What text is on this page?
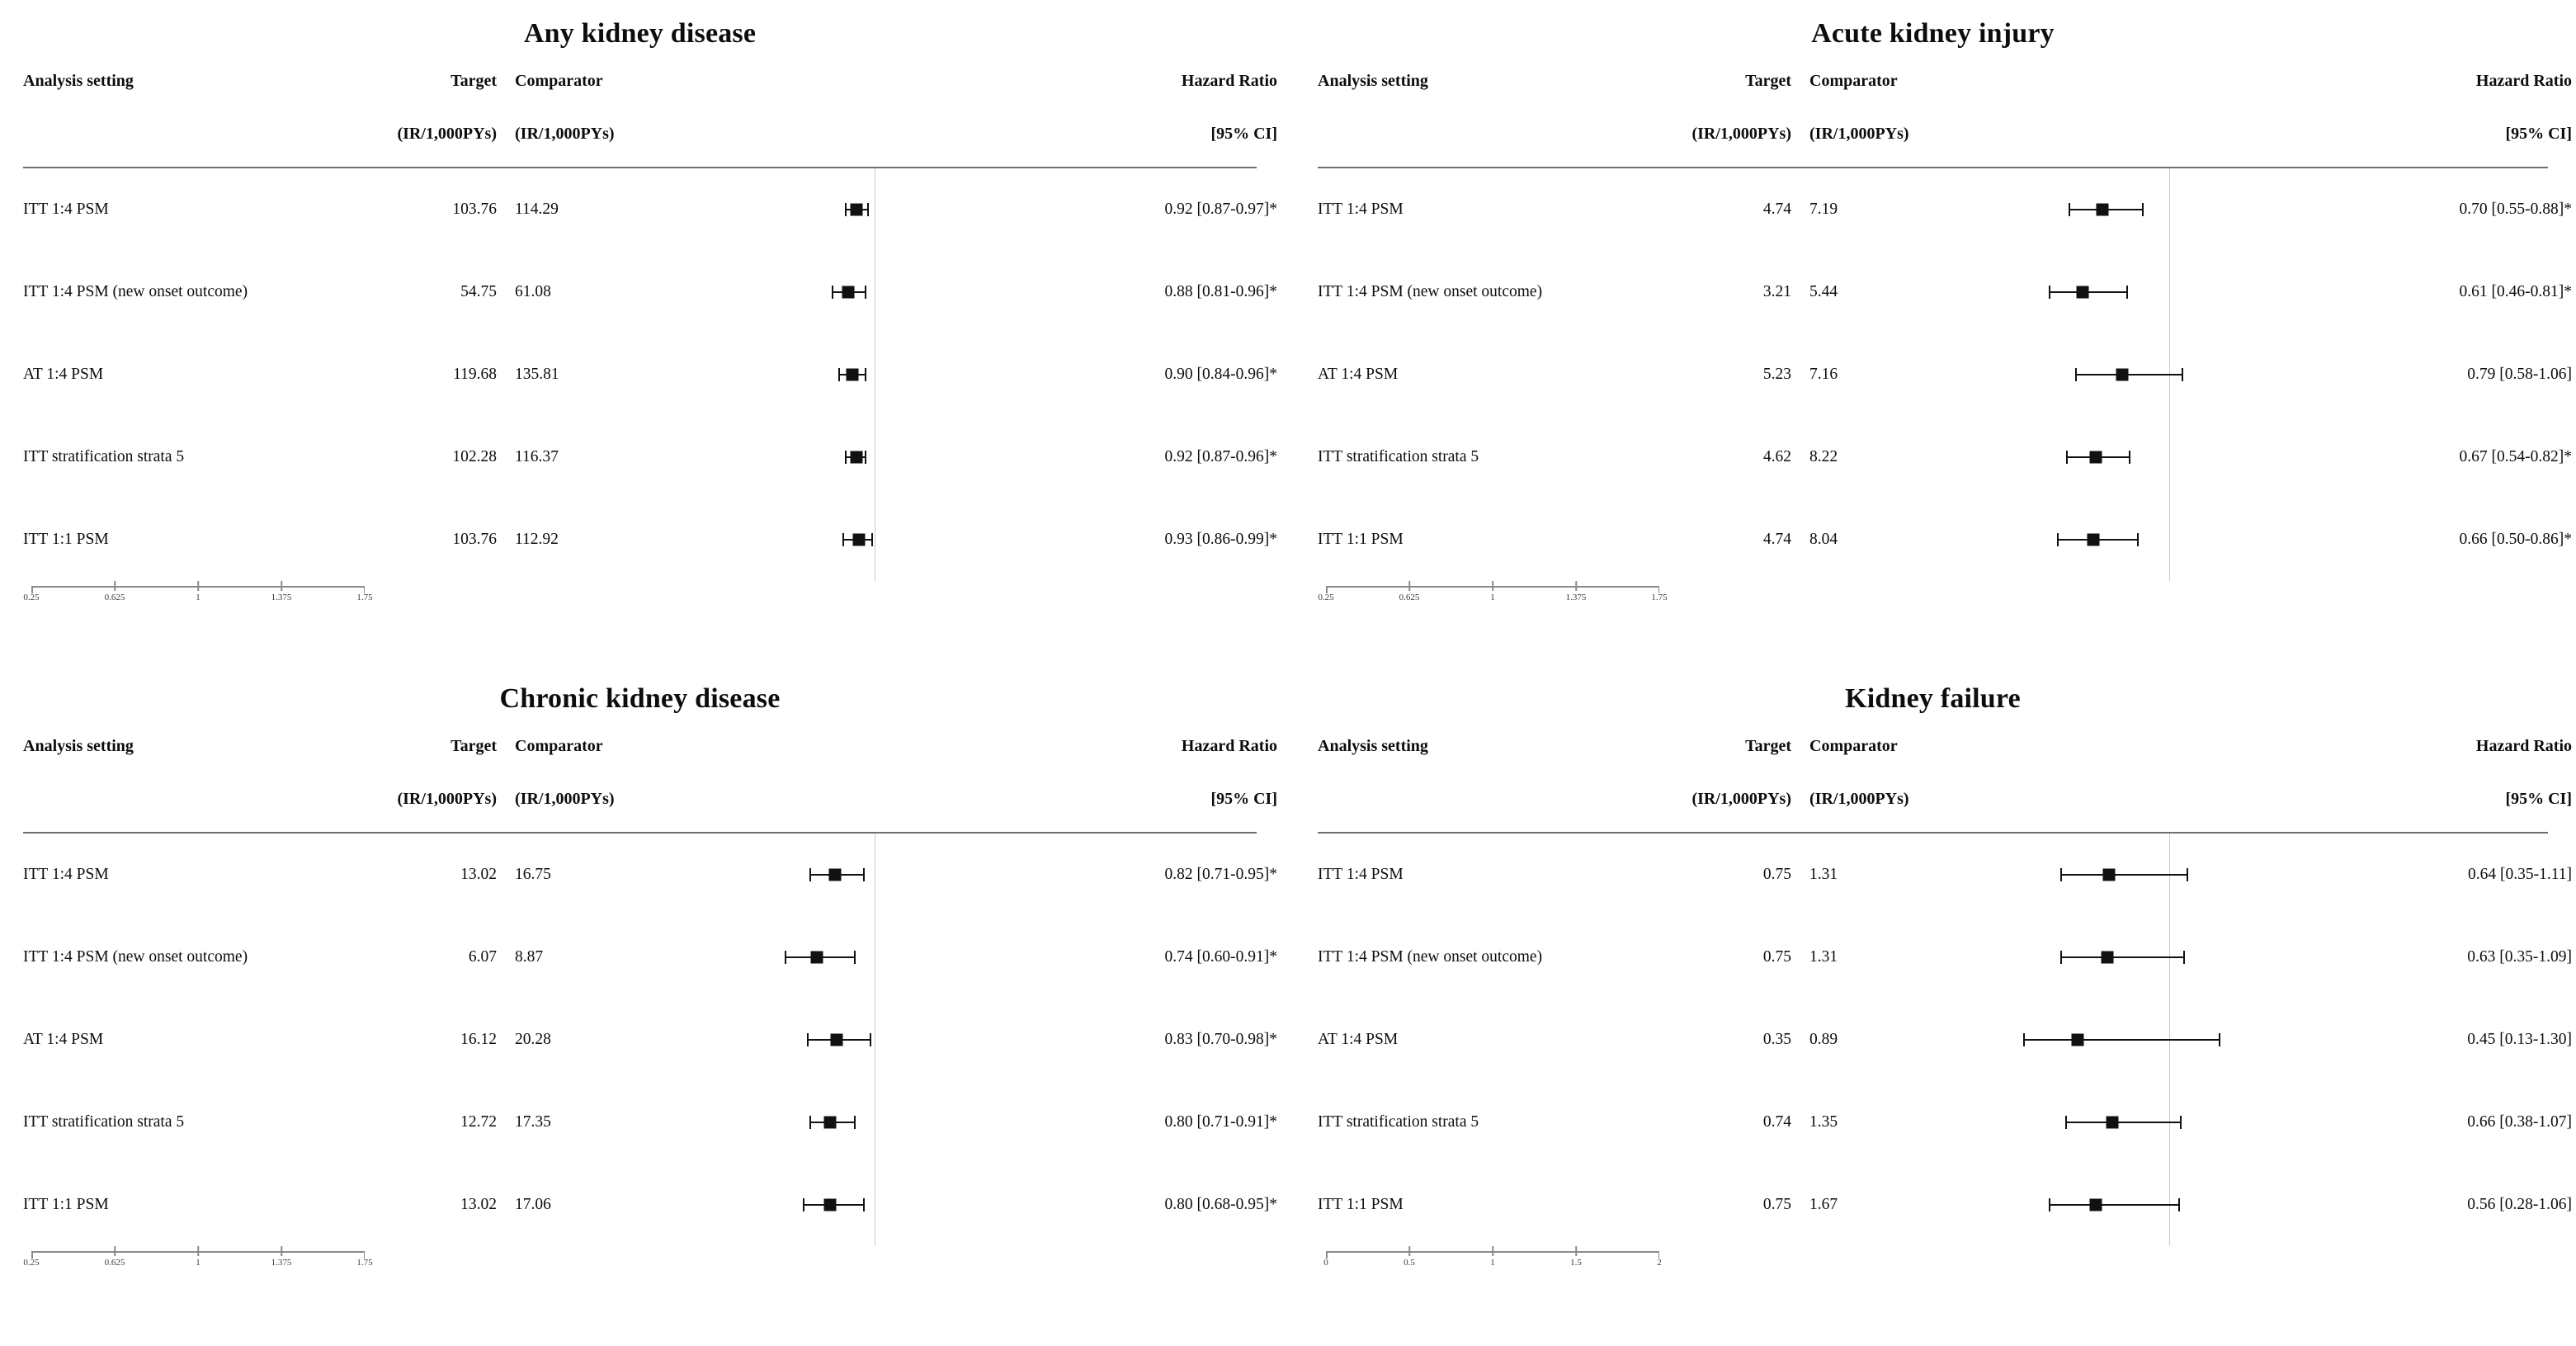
Any kidney disease
Analysis setting	Target	Comparator	Hazard Ratio
(IR/1,000PYs)	(IR/1,000PYs)	[95% CI]
ITT 1:4 PSM	103.76	114.29	0.92 [0.87-0.97]*
ITT 1:4 PSM (new onset outcome)	54.75	61.08	0.88 [0.81-0.96]*
AT 1:4 PSM	119.68	135.81	0.90 [0.84-0.96]*
ITT stratification strata 5	102.28	116.37	0.92 [0.87-0.96]*
ITT 1:1 PSM	103.76	112.92	0.93 [0.86-0.99]*
0.25	0.625	1	1.375	1.75
Acute kidney injury
Analysis setting	Target	Comparator	Hazard Ratio
(IR/1,000PYs)	(IR/1,000PYs)	[95% CI]
ITT 1:4 PSM	4.74	7.19	0.70 [0.55-0.88]*
ITT 1:4 PSM (new onset outcome)	3.21	5.44	0.61 [0.46-0.81]*
AT 1:4 PSM	5.23	7.16	0.79 [0.58-1.06]
ITT stratification strata 5	4.62	8.22	0.67 [0.54-0.82]*
ITT 1:1 PSM	4.74	8.04	0.66 [0.50-0.86]*
0.25	0.625	1	1.375	1.75
Chronic kidney disease
Analysis setting	Target	Comparator	Hazard Ratio
(IR/1,000PYs)	(IR/1,000PYs)	[95% CI]
ITT 1:4 PSM	13.02	16.75	0.82 [0.71-0.95]*
ITT 1:4 PSM (new onset outcome)	6.07	8.87	0.74 [0.60-0.91]*
AT 1:4 PSM	16.12	20.28	0.83 [0.70-0.98]*
ITT stratification strata 5	12.72	17.35	0.80 [0.71-0.91]*
ITT 1:1 PSM	13.02	17.06	0.80 [0.68-0.95]*
0.25	0.625	1	1.375	1.75
Kidney failure
Analysis setting	Target	Comparator	Hazard Ratio
(IR/1,000PYs)	(IR/1,000PYs)	[95% CI]
ITT 1:4 PSM	0.75	1.31	0.64 [0.35-1.11]
ITT 1:4 PSM (new onset outcome)	0.75	1.31	0.63 [0.35-1.09]
AT 1:4 PSM	0.35	0.89	0.45 [0.13-1.30]
ITT stratification strata 5	0.74	1.35	0.66 [0.38-1.07]
ITT 1:1 PSM	0.75	1.67	0.56 [0.28-1.06]
0	0.5	1	1.5	2
